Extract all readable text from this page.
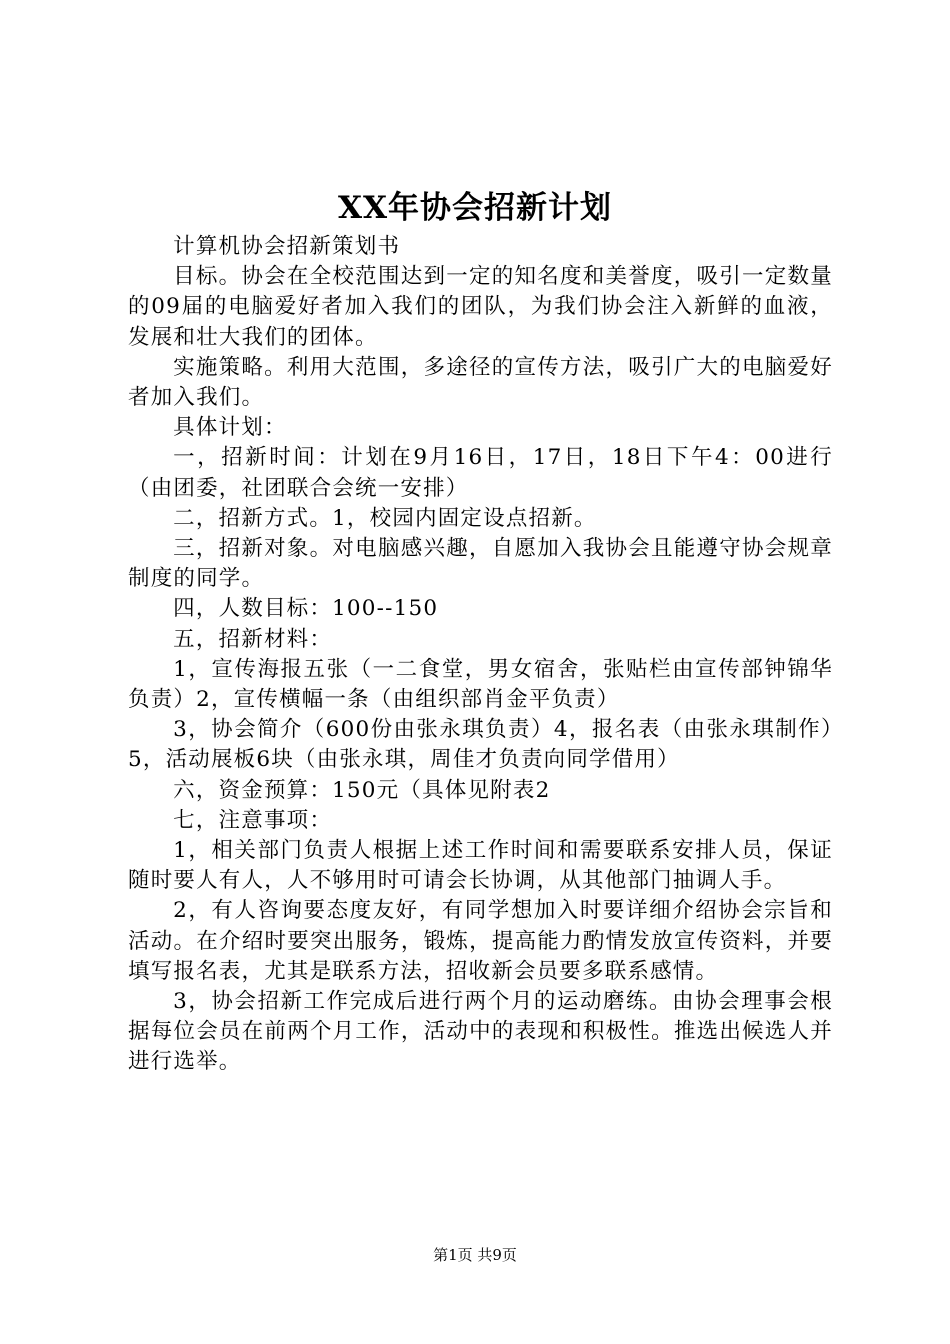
XX年协会招新计划

计算机协会招新策划书

目标。协会在全校范围达到一定的知名度和美誉度，吸引一定数量的09届的电脑爱好者加入我们的团队，为我们协会注入新鲜的血液，发展和壮大我们的团体。

实施策略。利用大范围，多途径的宣传方法，吸引广大的电脑爱好者加入我们。

具体计划：

一，招新时间：计划在9月16日，17日，18日下午4：00进行（由团委，社团联合会统一安排）

二，招新方式。1，校园内固定设点招新。

三，招新对象。对电脑感兴趣，自愿加入我协会且能遵守协会规章制度的同学。

四，人数目标：100--150

五，招新材料：

1，宣传海报五张（一二食堂，男女宿舍，张贴栏由宣传部钟锦华负责）2，宣传横幅一条（由组织部肖金平负责）

3，协会简介（600份由张永琪负责）4，报名表（由张永琪制作）5，活动展板6块（由张永琪，周佳才负责向同学借用）

六，资金预算：150元（具体见附表2

七，注意事项：

1，相关部门负责人根据上述工作时间和需要联系安排人员，保证随时要人有人，人不够用时可请会长协调，从其他部门抽调人手。

2，有人咨询要态度友好，有同学想加入时要详细介绍协会宗旨和活动。在介绍时要突出服务，锻炼，提高能力酌情发放宣传资料，并要填写报名表，尤其是联系方法，招收新会员要多联系感情。

3，协会招新工作完成后进行两个月的运动磨练。由协会理事会根据每位会员在前两个月工作，活动中的表现和积极性。推选出候选人并进行选举。

第1页 共9页
